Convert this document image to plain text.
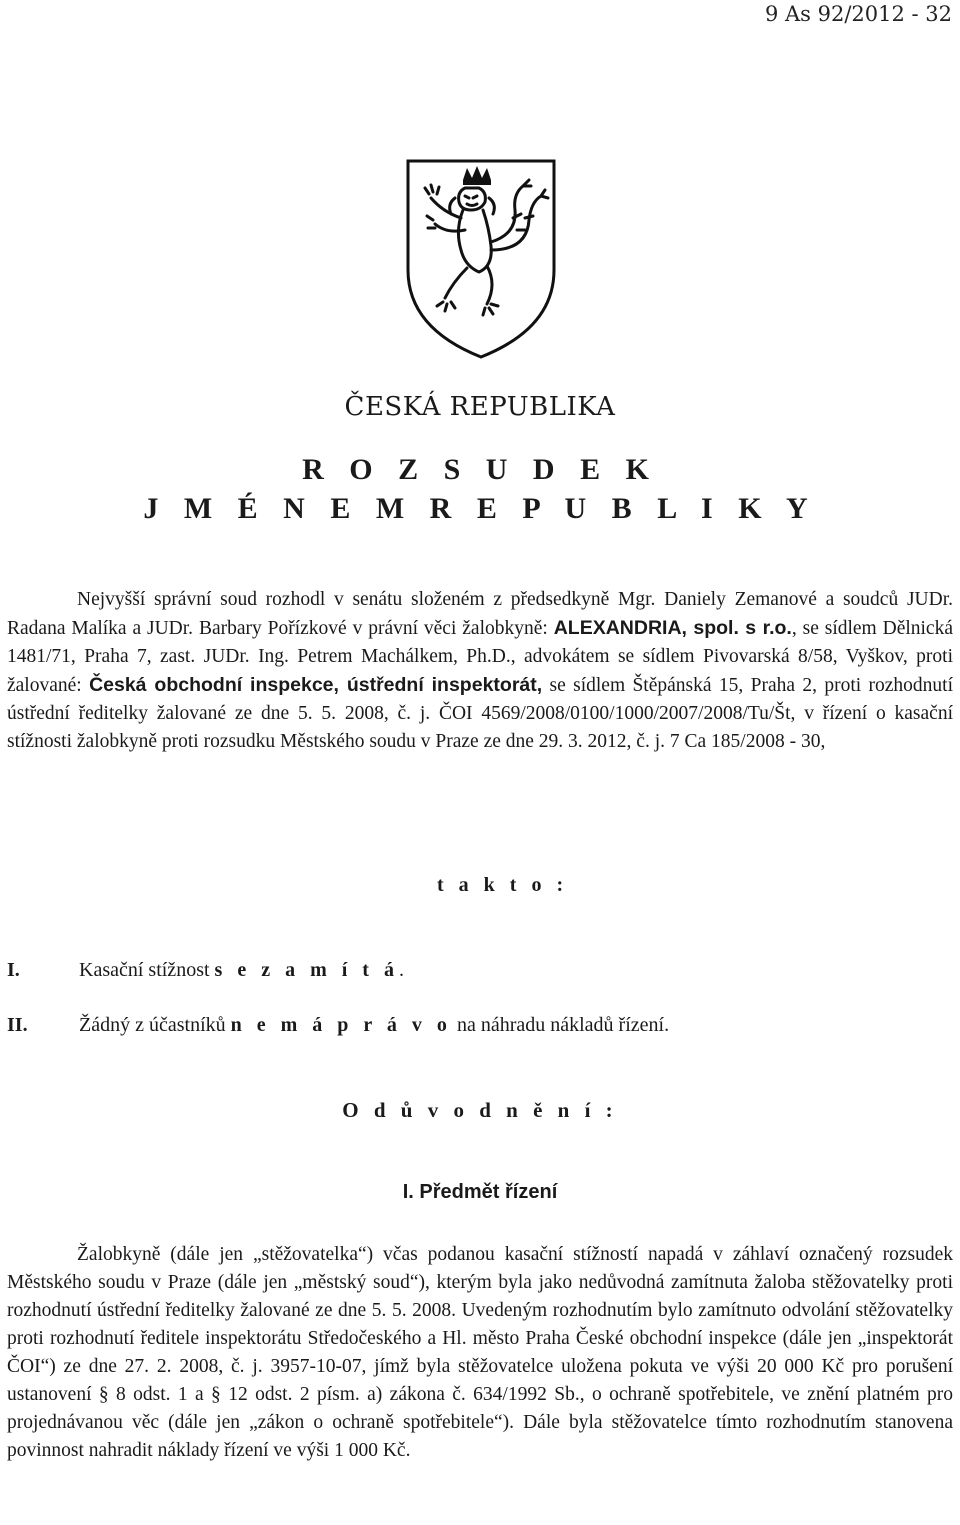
9 As 92/2012 - 32
ČESKÁ REPUBLIKA
R O Z S U D E K
J M É N E M R E P U B L I K Y
Nejvyšší správní soud rozhodl v senátu složeném z předsedkyně Mgr. Daniely Zemanové a soudců JUDr. Radana Malíka a JUDr. Barbary Pořízkové v právní věci žalobkyně: ALEXANDRIA, spol. s r.o., se sídlem Dělnická 1481/71, Praha 7, zast. JUDr. Ing. Petrem Machálkem, Ph.D., advokátem se sídlem Pivovarská 8/58, Vyškov, proti žalované: Česká obchodní inspekce, ústřední inspektorát, se sídlem Štěpánská 15, Praha 2, proti rozhodnutí ústřední ředitelky žalované ze dne 5. 5. 2008, č. j. ČOI 4569/2008/0100/1000/2007/2008/Tu/Št, v řízení o kasační stížnosti žalobkyně proti rozsudku Městského soudu v Praze ze dne 29. 3. 2012, č. j. 7 Ca 185/2008 - 30,
t a k t o :
I.	Kasační stížnost s e z a m í t á.
II.	Žádný z účastníků n e m á p r á v o na náhradu nákladů řízení.
O d ů v o d n ě n í :
I. Předmět řízení
Žalobkyně (dále jen „stěžovatelka“) včas podanou kasační stížností napadá v záhlaví označený rozsudek Městského soudu v Praze (dále jen „městský soud“), kterým byla jako nedůvodná zamítnuta žaloba stěžovatelky proti rozhodnutí ústřední ředitelky žalované ze dne 5. 5. 2008. Uvedeným rozhodnutím bylo zamítnuto odvolání stěžovatelky proti rozhodnutí ředitele inspektorátu Středočeského a Hl. město Praha České obchodní inspekce (dále jen „inspektorát ČOI“) ze dne 27. 2. 2008, č. j. 3957-10-07, jímž byla stěžovatelce uložena pokuta ve výši 20 000 Kč pro porušení ustanovení § 8 odst. 1 a § 12 odst. 2 písm. a) zákona č. 634/1992 Sb., o ochraně spotřebitele, ve znění platném pro projednávanou věc (dále jen „zákon o ochraně spotřebitele“). Dále byla stěžovatelce tímto rozhodnutím stanovena povinnost nahradit náklady řízení ve výši 1 000 Kč.
